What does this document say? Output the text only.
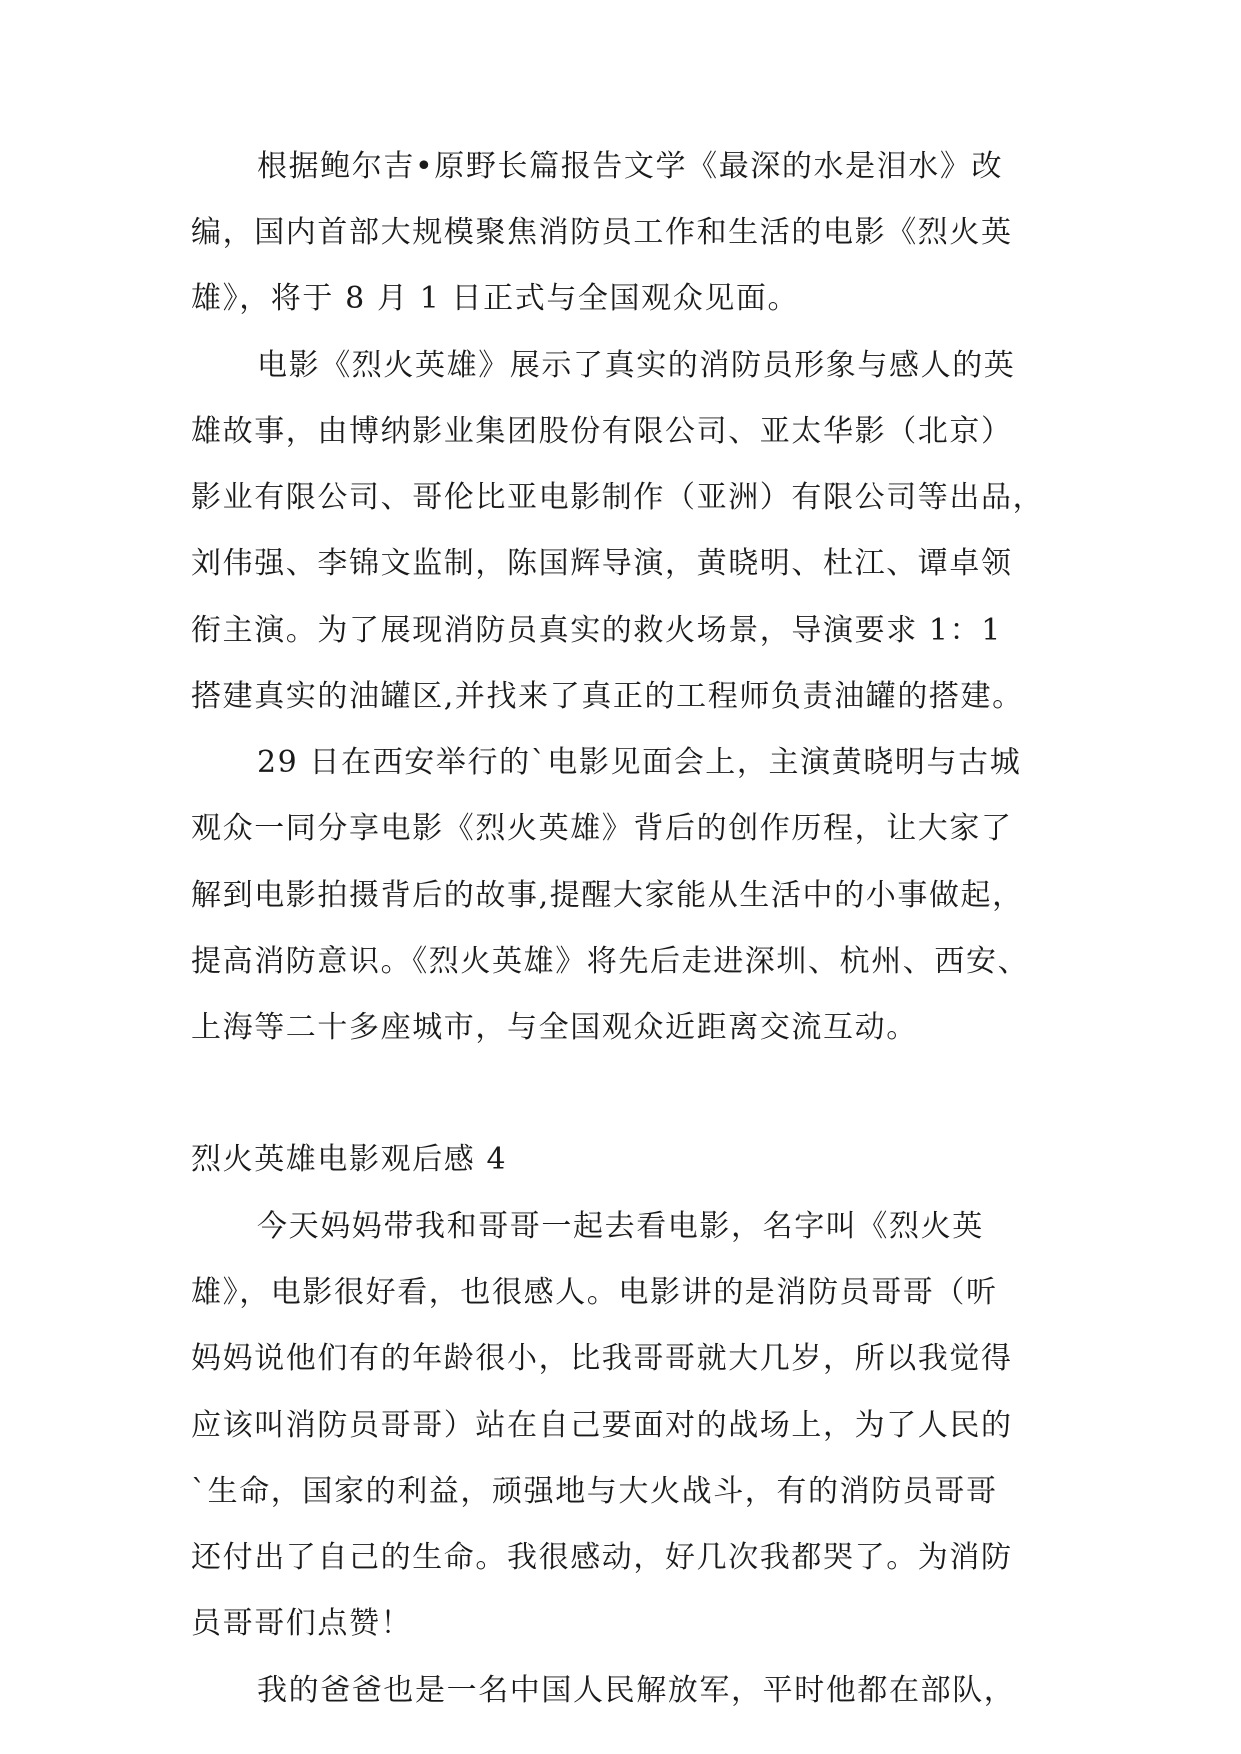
根据鲍尔吉•原野长篇报告文学《最深的水是泪水》改
编，国内首部大规模聚焦消防员工作和生活的电影《烈火英
雄》，将于 8 月 1 日正式与全国观众见面。
电影《烈火英雄》展示了真实的消防员形象与感人的英
雄故事，由博纳影业集团股份有限公司、亚太华影（北京）
影业有限公司、哥伦比亚电影制作（亚洲）有限公司等出品，
刘伟强、李锦文监制，陈国辉导演，黄晓明、杜江、谭卓领
衔主演。为了展现消防员真实的救火场景，导演要求 1：1
搭建真实的油罐区,并找来了真正的工程师负责油罐的搭建。
29 日在西安举行的`电影见面会上，主演黄晓明与古城
观众一同分享电影《烈火英雄》背后的创作历程，让大家了
解到电影拍摄背后的故事,提醒大家能从生活中的小事做起，
提高消防意识。《烈火英雄》将先后走进深圳、杭州、西安、
上海等二十多座城市，与全国观众近距离交流互动。
烈火英雄电影观后感 4
今天妈妈带我和哥哥一起去看电影，名字叫《烈火英
雄》，电影很好看，也很感人。电影讲的是消防员哥哥（听
妈妈说他们有的年龄很小，比我哥哥就大几岁，所以我觉得
应该叫消防员哥哥）站在自己要面对的战场上，为了人民的
`生命，国家的利益，顽强地与大火战斗，有的消防员哥哥
还付出了自己的生命。我很感动，好几次我都哭了。为消防
员哥哥们点赞！
我的爸爸也是一名中国人民解放军，平时他都在部队，
